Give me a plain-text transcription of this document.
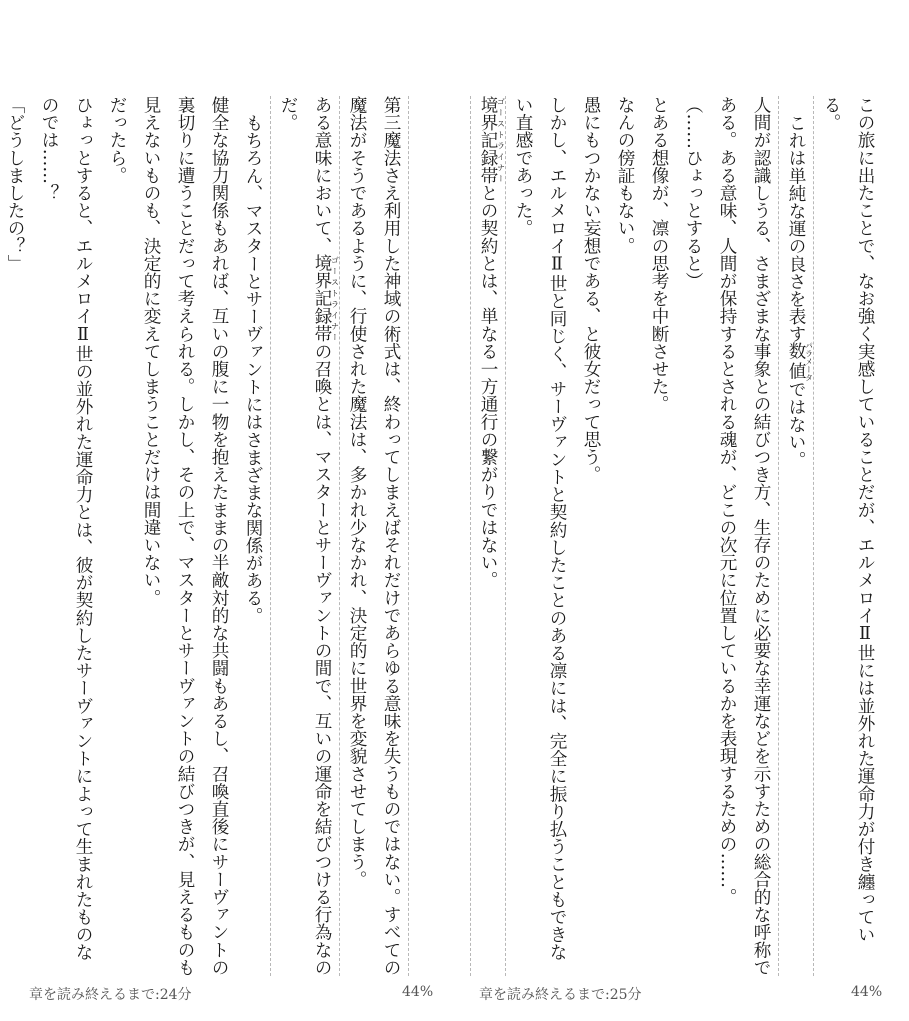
この旅に出たことで、なお強く実感していることだが、エルメロイⅡ世には並外れた運命力が付き纏っている。

これは単純な運の良さを表す数値パラメータではない。

人間が認識しうる、さまざまな事象との結びつき方、生存のために必要な幸運などを示すための総合的な呼称である。ある意味、人間が保持するとされる魂が、どこの次元に位置しているかを表現するための……。

（……ひょっとすると）

とある想像が、凛の思考を中断させた。

なんの傍証もない。

愚にもつかない妄想である、と彼女だって思う。

しかし、エルメロイⅡ世と同じく、サーヴァントと契約したことのある凛には、完全に振り払うこともできない直感であった。

境界記録帯ゴーストライナーとの契約とは、単なる一方通行の繋がりではない。

章を読み終えるまで:25分	44%

第三魔法さえ利用した神域の術式は、終わってしまえばそれだけであらゆる意味を失うものではない。すべての魔法がそうであるように、行使された魔法は、多かれ少なかれ、決定的に世界を変貌させてしまう。

ある意味において、境界記録帯ゴーストライナーの召喚とは、マスターとサーヴァントの間で、互いの運命を結びつける行為なのだ。

もちろん、マスターとサーヴァントにはさまざまな関係がある。

健全な協力関係もあれば、互いの腹に一物を抱えたままの半敵対的な共闘もあるし、召喚直後にサーヴァントの裏切りに遭うことだって考えられる。しかし、その上で、マスターとサーヴァントの結びつきが、見えるものも見えないものも、決定的に変えてしまうことだけは間違いない。

だったら。

ひょっとすると、エルメロイⅡ世の並外れた運命力とは、彼が契約したサーヴァントによって生まれたものなのでは……？

「どうしましたの？」

章を読み終えるまで:24分	44%
